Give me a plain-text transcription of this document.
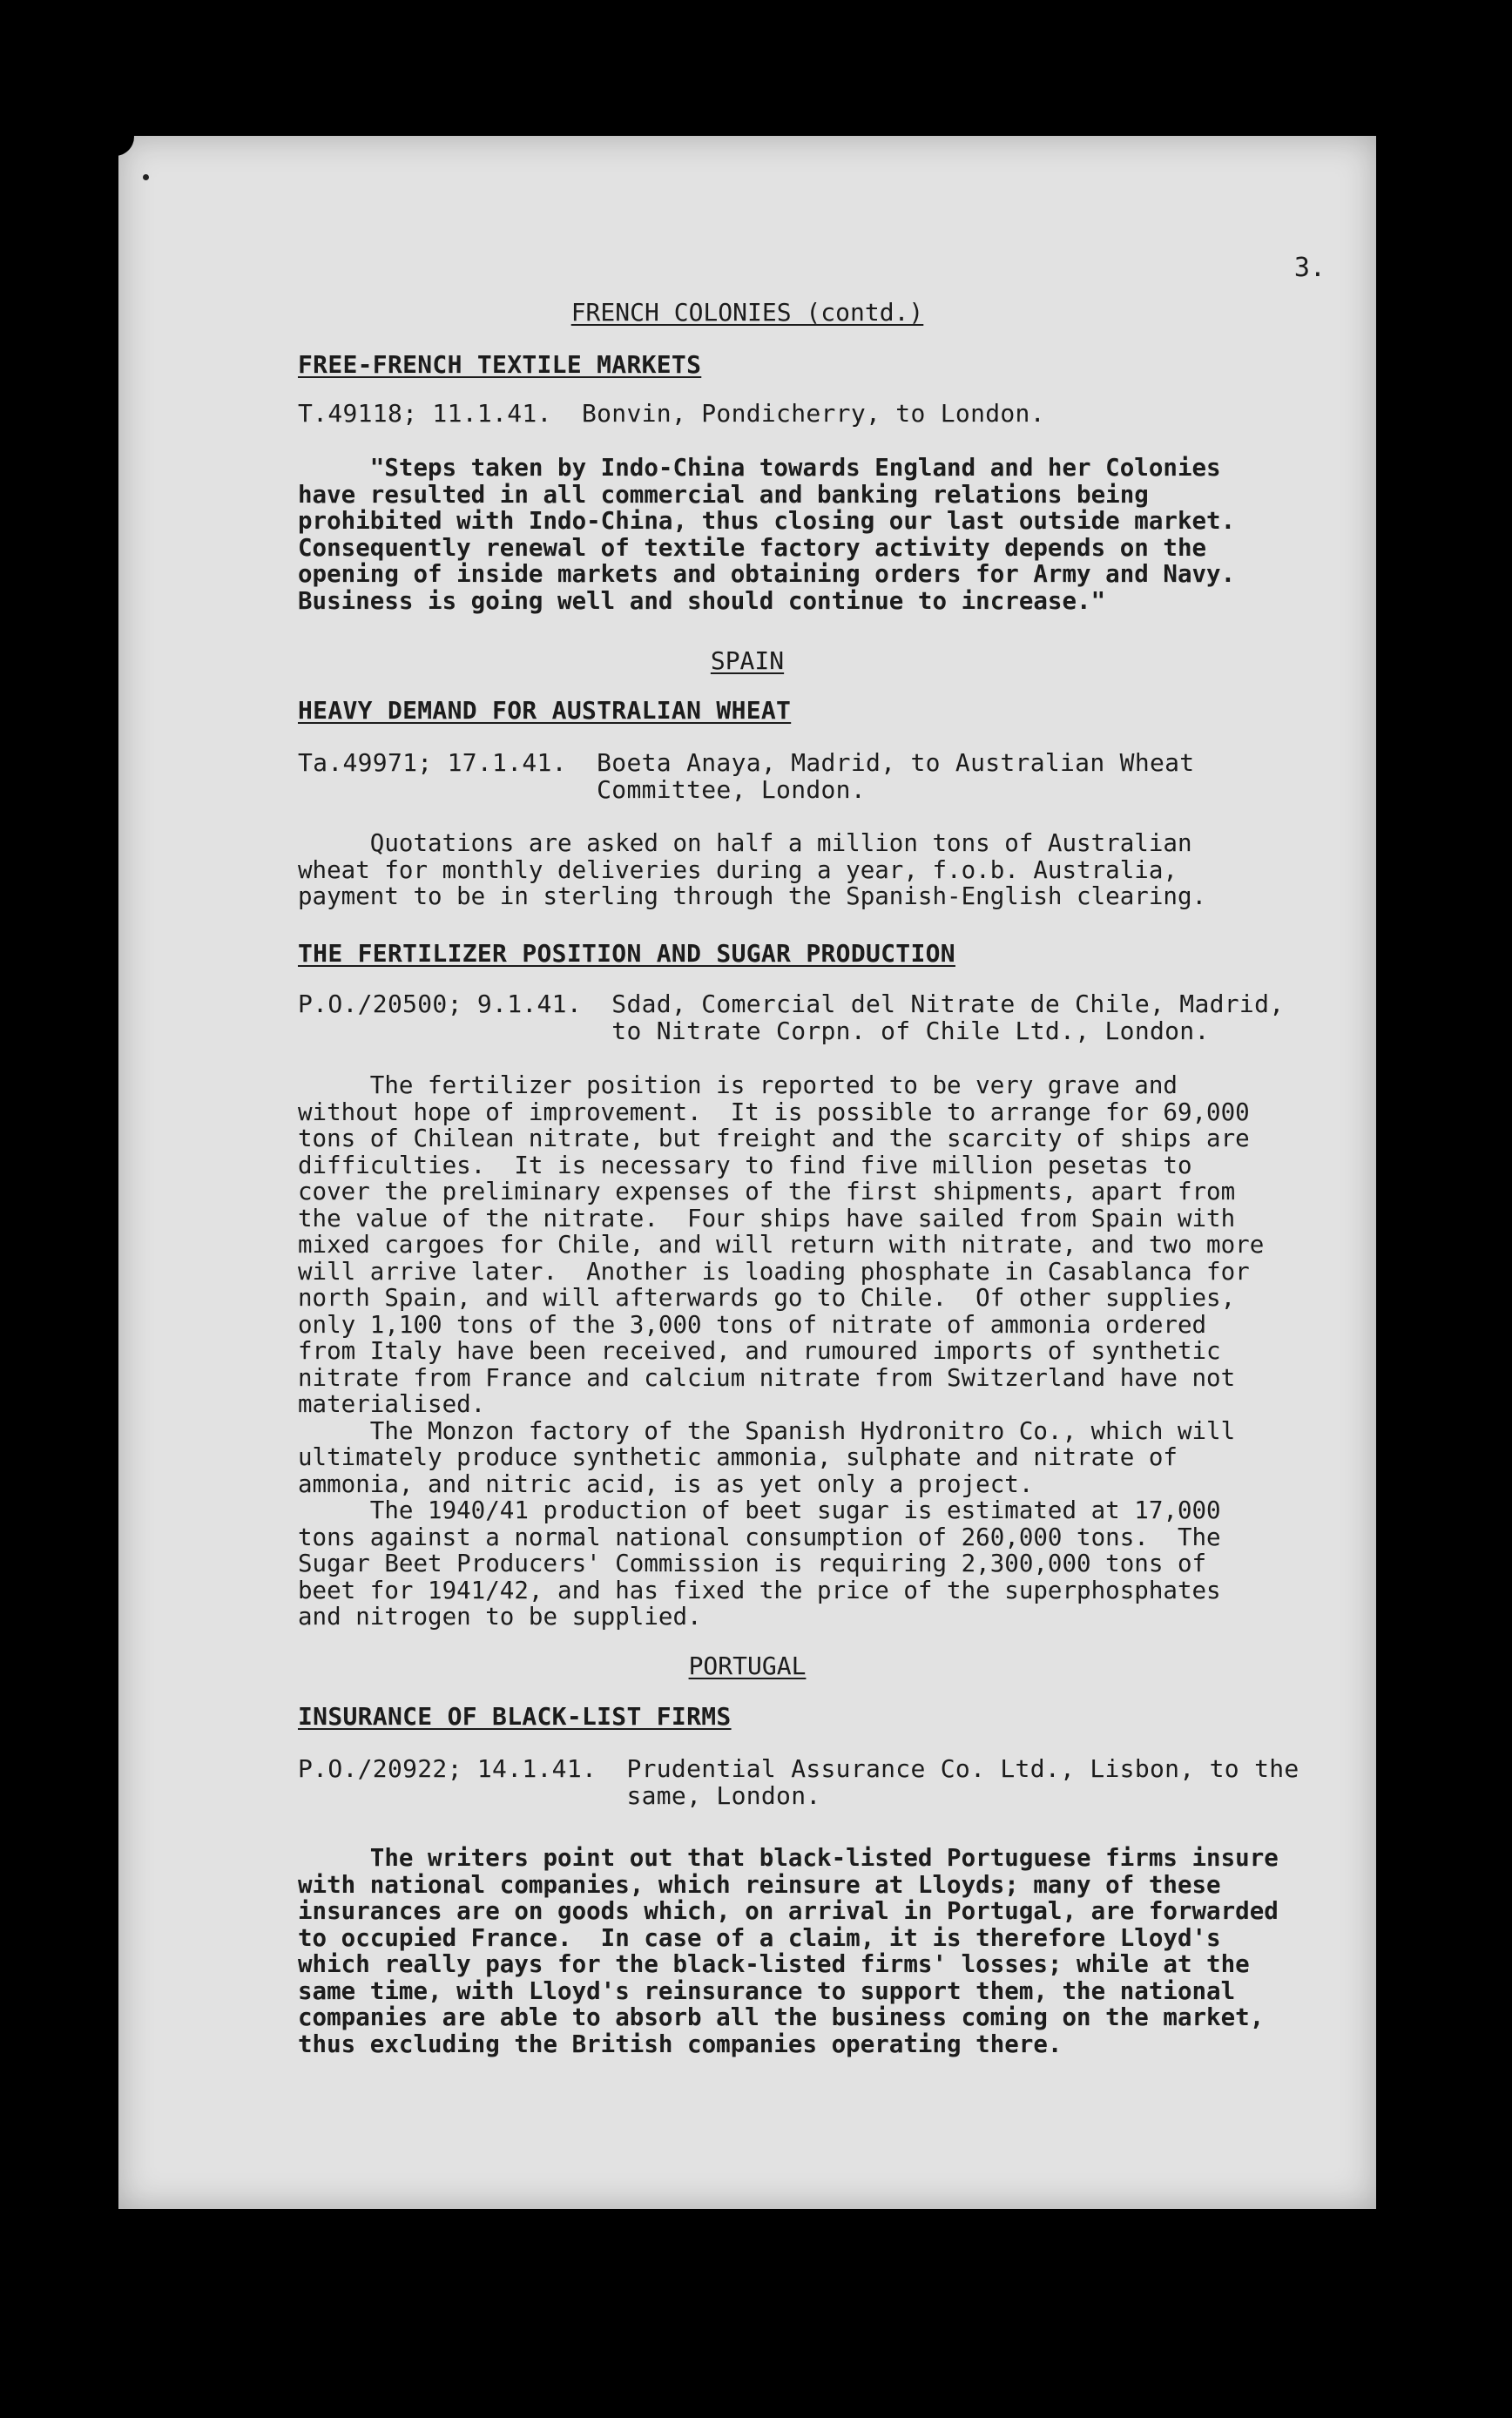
3.
FRENCH COLONIES (contd.)
FREE-FRENCH TEXTILE MARKETS
T.49118; 11.1.41.  Bonvin, Pondicherry, to London.
"Steps taken by Indo-China towards England and her Colonies
have resulted in all commercial and banking relations being
prohibited with Indo-China, thus closing our last outside market.
Consequently renewal of textile factory activity depends on the
opening of inside markets and obtaining orders for Army and Navy.
Business is going well and should continue to increase."
SPAIN
HEAVY DEMAND FOR AUSTRALIAN WHEAT
Ta.49971; 17.1.41.  Boeta Anaya, Madrid, to Australian Wheat
Committee, London.
Quotations are asked on half a million tons of Australian
wheat for monthly deliveries during a year, f.o.b. Australia,
payment to be in sterling through the Spanish-English clearing.
THE FERTILIZER POSITION AND SUGAR PRODUCTION
P.O./20500; 9.1.41.  Sdad, Comercial del Nitrate de Chile, Madrid,
to Nitrate Corpn. of Chile Ltd., London.
The fertilizer position is reported to be very grave and
without hope of improvement.  It is possible to arrange for 69,000
tons of Chilean nitrate, but freight and the scarcity of ships are
difficulties.  It is necessary to find five million pesetas to
cover the preliminary expenses of the first shipments, apart from
the value of the nitrate.  Four ships have sailed from Spain with
mixed cargoes for Chile, and will return with nitrate, and two more
will arrive later.  Another is loading phosphate in Casablanca for
north Spain, and will afterwards go to Chile.  Of other supplies,
only 1,100 tons of the 3,000 tons of nitrate of ammonia ordered
from Italy have been received, and rumoured imports of synthetic
nitrate from France and calcium nitrate from Switzerland have not
materialised.
The Monzon factory of the Spanish Hydronitro Co., which will
ultimately produce synthetic ammonia, sulphate and nitrate of
ammonia, and nitric acid, is as yet only a project.
The 1940/41 production of beet sugar is estimated at 17,000
tons against a normal national consumption of 260,000 tons.  The
Sugar Beet Producers' Commission is requiring 2,300,000 tons of
beet for 1941/42, and has fixed the price of the superphosphates
and nitrogen to be supplied.
PORTUGAL
INSURANCE OF BLACK-LIST FIRMS
P.O./20922; 14.1.41.  Prudential Assurance Co. Ltd., Lisbon, to the
same, London.
The writers point out that black-listed Portuguese firms insure
with national companies, which reinsure at Lloyds; many of these
insurances are on goods which, on arrival in Portugal, are forwarded
to occupied France.  In case of a claim, it is therefore Lloyd's
which really pays for the black-listed firms' losses; while at the
same time, with Lloyd's reinsurance to support them, the national
companies are able to absorb all the business coming on the market,
thus excluding the British companies operating there.
